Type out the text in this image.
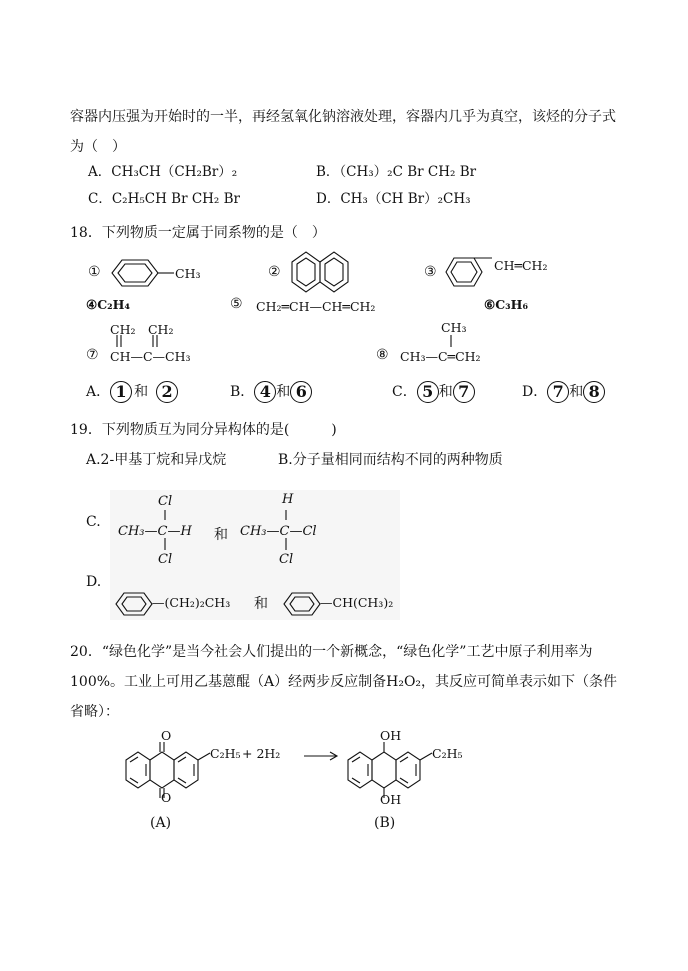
容器内压强为开始时的一半，再经氢氧化钠溶液处理，容器内几乎为真空，该烃的分子式
为（　）
A．CH₃CH（CH₂Br）₂	B．（CH₃）₂C Br CH₂ Br
C．C₂H₅CH Br CH₂ Br	D．CH₃（CH Br）₂CH₃
18．下列物质一定属于同系物的是（　）
①	CH₃	②	③	CH═CH₂
④C₂H₄	⑤ CH₂═CH—CH═CH₂	⑥C₃H₆
CH₂　CH₂
⑦ CH—C—CH₃
CH₃
⑧ CH₃—C═CH₂
A． 1 和 2	B． 4 和 6	C． 5 和 7	D． 7 和 8
19．下列物质互为同分异构体的是(　　　)
A.2-甲基丁烷和异戊烷	B.分子量相同而结构不同的两种物质
C.
Cl
CH₃—C—H
Cl
和
H
CH₃—C—Cl
Cl
D.
—(CH₂)₂CH₃ 和	—CH(CH₃)₂
20．“绿色化学”是当今社会人们提出的一个新概念，“绿色化学”工艺中原子利用率为
100%。工业上可用乙基蒽醌（A）经两步反应制备H₂O₂，其反应可简单表示如下（条件
省略）：
O
C₂H₅ + 2H₂
O
OH
C₂H₅
OH
(A)	(B)
